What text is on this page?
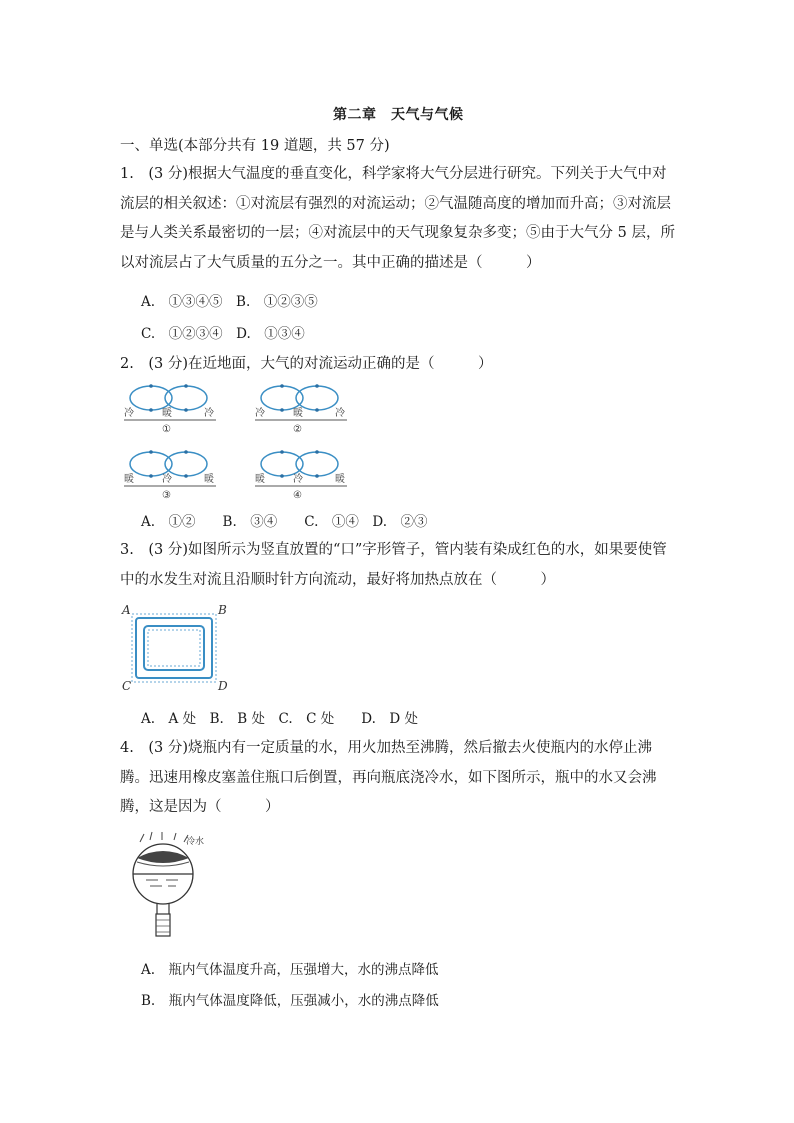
第二章　天气与气候
一、单选(本部分共有 19 道题，共 57 分)
1.　(3 分)根据大气温度的垂直变化，科学家将大气分层进行研究。下列关于大气中对流层的相关叙述：①对流层有强烈的对流运动；②气温随高度的增加而升高；③对流层是与人类关系最密切的一层；④对流层中的天气现象复杂多变；⑤由于大气分 5 层，所以对流层占了大气质量的五分之一。其中正确的描述是（　　　）
A.　①③④⑤　B.　①②③⑤
C.　①②③④　D.　①③④
2.　(3 分)在近地面，大气的对流运动正确的是（　　　）
冷	暖	冷
①
冷	暖	冷
②
暖	冷	暖
③
暖	冷	暖
④
A.　①②　　B.　③④　　C.　①④　D.　②③
3.　(3 分)如图所示为竖直放置的“口”字形管子，管内装有染成红色的水，如果要使管中的水发生对流且沿顺时针方向流动，最好将加热点放在（　　　）
A	B
C	D
A.　A 处　B.　B 处　C.　C 处　　D.　D 处
4.　(3 分)烧瓶内有一定质量的水，用火加热至沸腾，然后撤去火使瓶内的水停止沸腾。迅速用橡皮塞盖住瓶口后倒置，再向瓶底浇冷水，如下图所示，瓶中的水又会沸腾，这是因为（　　　）
冷水
A.　瓶内气体温度升高，压强增大，水的沸点降低
B.　瓶内气体温度降低，压强减小，水的沸点降低
